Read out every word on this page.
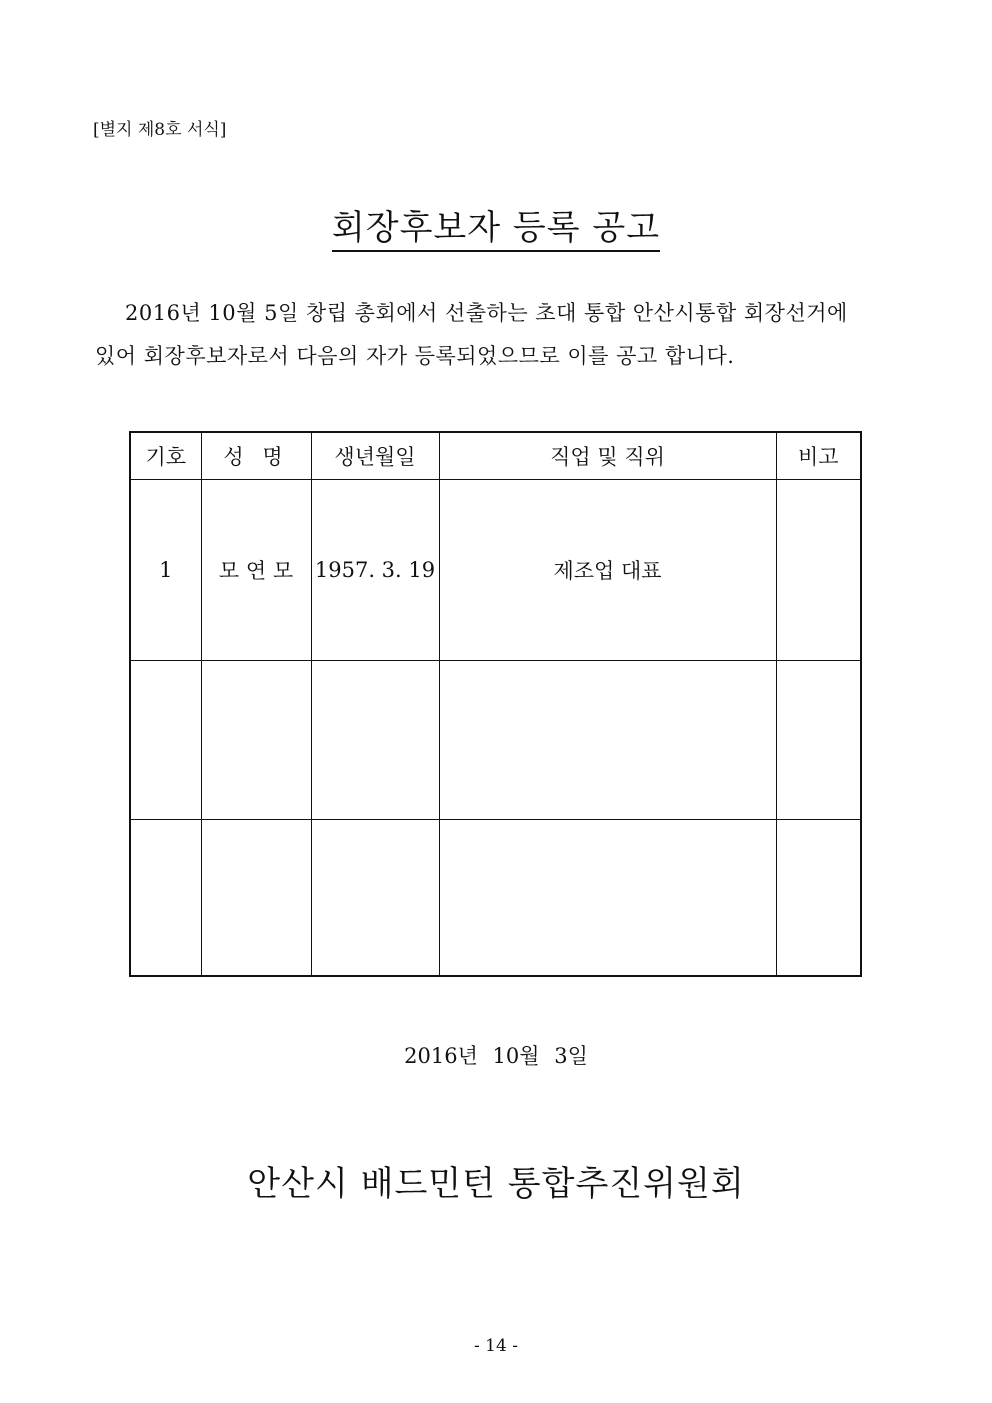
[별지 제8호 서식]
회장후보자 등록 공고
2016년 10월 5일 창립 총회에서 선출하는 초대 통합 안산시통합 회장선거에
있어 회장후보자로서 다음의 자가 등록되었으므로 이를 공고 합니다.
기호	성 명	생년월일	직업 및 직위	비고
1	모 연 모	1957. 3. 19	제조업 대표	

2016년 10월 3일
안산시 배드민턴 통합추진위원회
- 14 -
